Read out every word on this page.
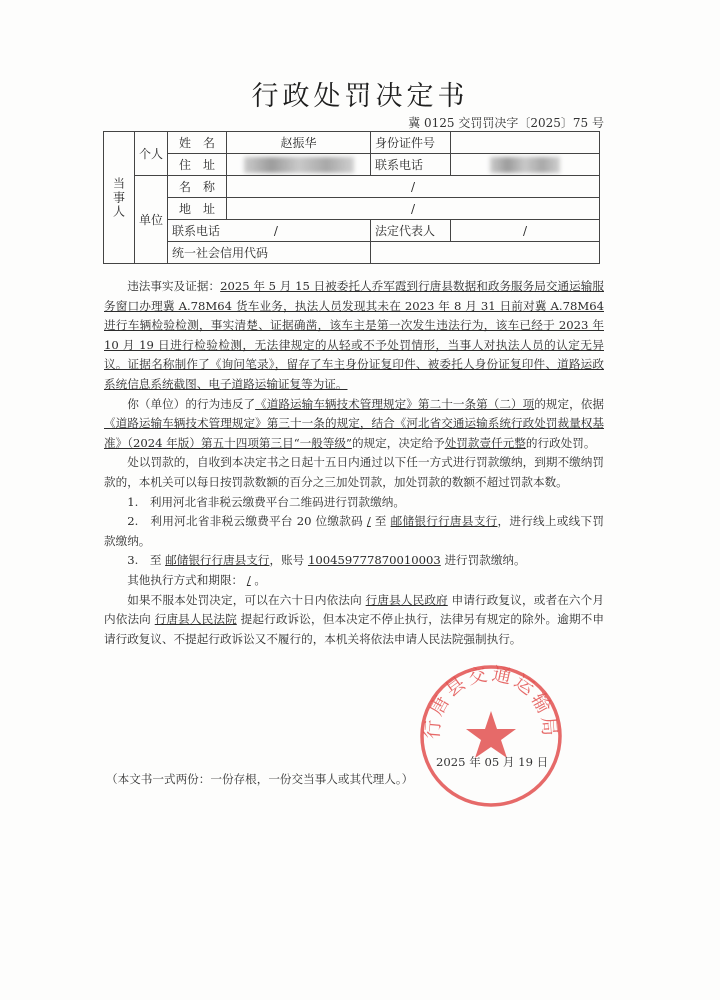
行政处罚决定书
冀 0125 交罚罚决字〔2025〕75 号
当事人	个人	姓　名	赵振华	身份证件号	
		住　址		联系电话	
	单位	名　称	/		
		地　址	/		
		联系电话 /		法定代表人	/
		统一社会信用代码			

违法事实及证据：2025 年 5 月 15 日被委托人乔军霞到行唐县数据和政务服务局交通运输服务窗口办理冀 A.78M64 货车业务，执法人员发现其未在 2023 年 8 月 31 日前对冀 A.78M64 进行车辆检验检测，事实清楚、证据确凿，该车主是第一次发生违法行为，该车已经于 2023 年 10 月 19 日进行检验检测，无法律规定的从轻或不予处罚情形，当事人对执法人员的认定无异议。证据名称制作了《询问笔录》，留存了车主身份证复印件、被委托人身份证复印件、道路运政系统信息系统截图、电子道路运输证复等为证。

你（单位）的行为违反了《道路运输车辆技术管理规定》第二十一条第（二）项的规定，依据《道路运输车辆技术管理规定》第三十一条的规定，结合《河北省交通运输系统行政处罚裁量权基准》（2024 年版）第五十四项第三目“一般等级”的规定，决定给予处罚款壹仟元整的行政处罚。

处以罚款的，自收到本决定书之日起十五日内通过以下任一方式进行罚款缴纳，到期不缴纳罚款的，本机关可以每日按罚款数额的百分之三加处罚款，加处罚款的数额不超过罚款本数。

1.　利用河北省非税云缴费平台二维码进行罚款缴纳。

2.　利用河北省非税云缴费平台 20 位缴款码 / 至 邮储银行行唐县支行，进行线上或线下罚款缴纳。

3.　至 邮储银行行唐县支行，账号 100459777870010003 进行罚款缴纳。

其他执行方式和期限： / 。

如果不服本处罚决定，可以在六十日内依法向 行唐县人民政府 申请行政复议，或者在六个月内依法向 行唐县人民法院 提起行政诉讼，但本决定不停止执行，法律另有规定的除外。逾期不申请行政复议、不提起行政诉讼又不履行的，本机关将依法申请人民法院强制执行。

行唐县交通运输局
2025 年 05 月 19 日
（本文书一式两份：一份存根，一份交当事人或其代理人。）
